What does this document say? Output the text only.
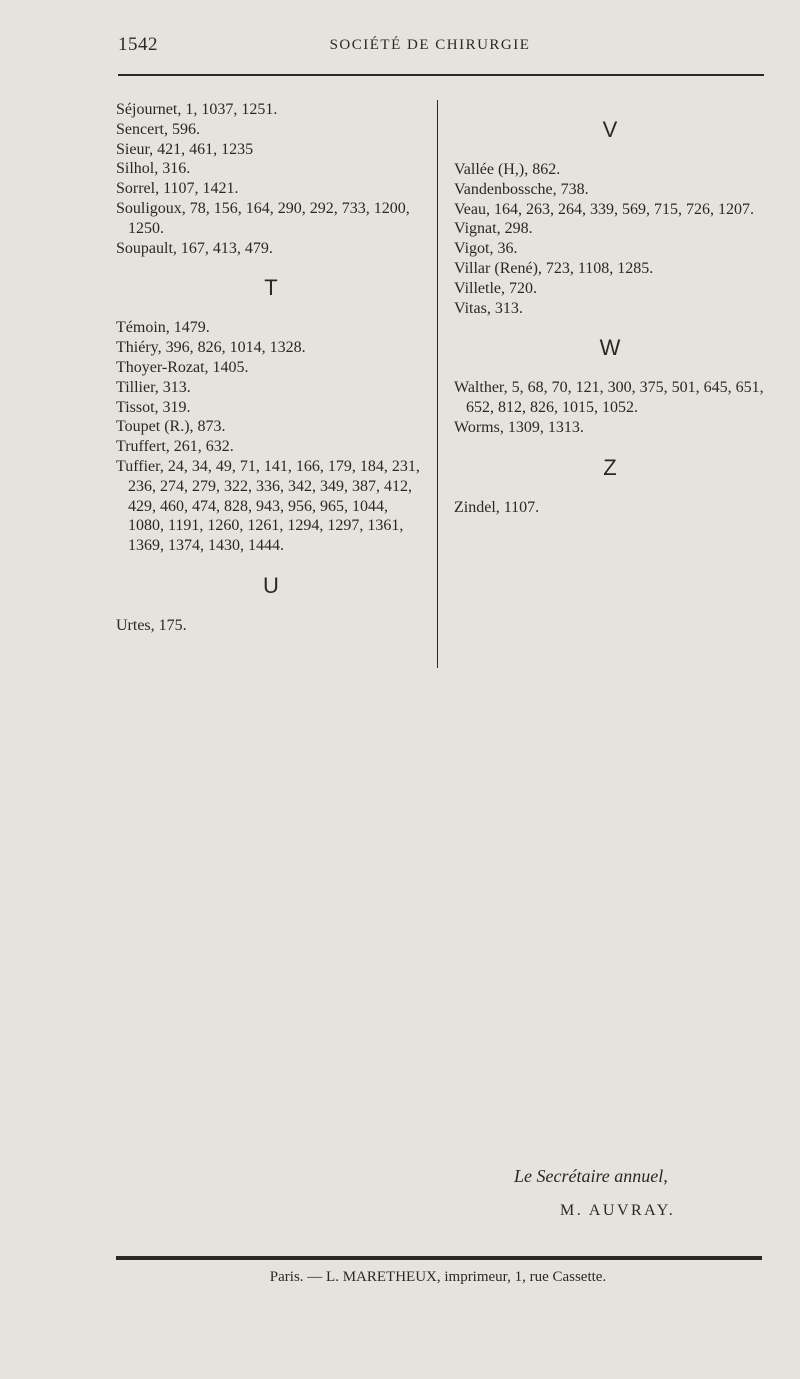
1542	SOCIÉTÉ DE CHIRURGIE

Séjournet, 1, 1037, 1251.

Sencert, 596.

Sieur, 421, 461, 1235

Silhol, 316.

Sorrel, 1107, 1421.

Souligoux, 78, 156, 164, 290, 292, 733, 1200, 1250.

Soupault, 167, 413, 479.

T

Témoin, 1479.

Thiéry, 396, 826, 1014, 1328.

Thoyer-Rozat, 1405.

Tillier, 313.

Tissot, 319.

Toupet (R.), 873.

Truffert, 261, 632.

Tuffier, 24, 34, 49, 71, 141, 166, 179, 184, 231, 236, 274, 279, 322, 336, 342, 349, 387, 412, 429, 460, 474, 828, 943, 956, 965, 1044, 1080, 1191, 1260, 1261, 1294, 1297, 1361, 1369, 1374, 1430, 1444.

U

Urtes, 175.

V

Vallée (H,), 862.

Vandenbossche, 738.

Veau, 164, 263, 264, 339, 569, 715, 726, 1207.

Vignat, 298.

Vigot, 36.

Villar (René), 723, 1108, 1285.

Villetle, 720.

Vitas, 313.

W

Walther, 5, 68, 70, 121, 300, 375, 501, 645, 651, 652, 812, 826, 1015, 1052.

Worms, 1309, 1313.

Z

Zindel, 1107.

Le Secrétaire annuel,
M. AUVRAY.
Paris. — L. MARETHEUX, imprimeur, 1, rue Cassette.
